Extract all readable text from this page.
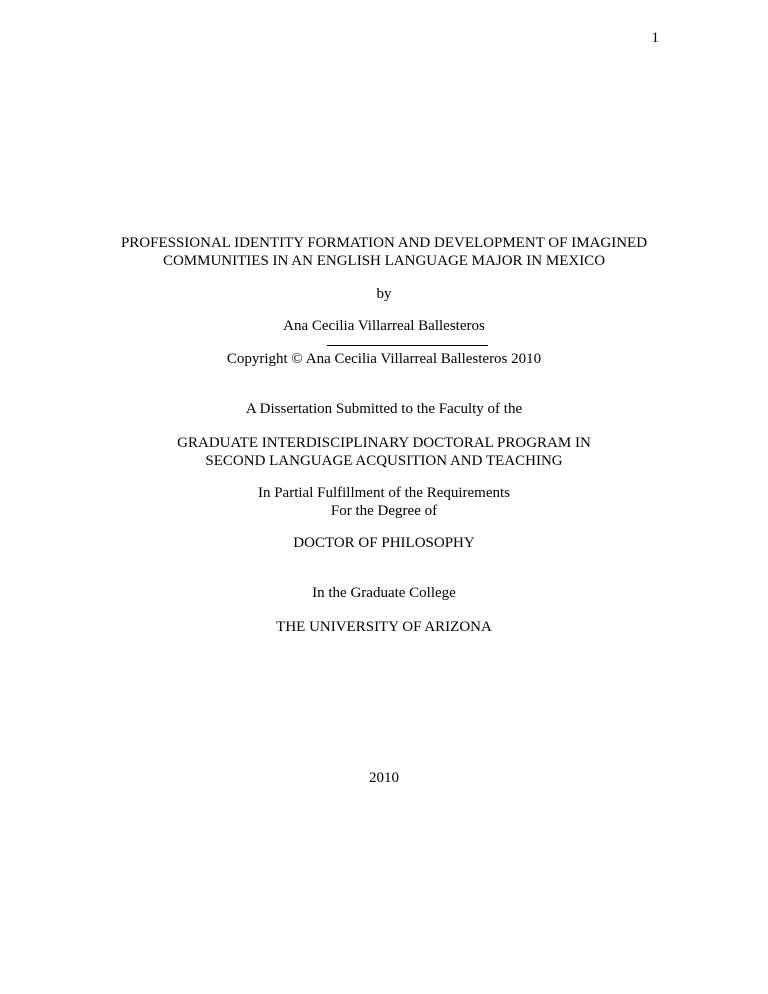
1
PROFESSIONAL IDENTITY FORMATION AND DEVELOPMENT OF IMAGINED
COMMUNITIES IN AN ENGLISH LANGUAGE MAJOR IN MEXICO
by
Ana Cecilia Villarreal Ballesteros
Copyright © Ana Cecilia Villarreal Ballesteros 2010
A Dissertation Submitted to the Faculty of the
GRADUATE INTERDISCIPLINARY DOCTORAL PROGRAM IN
SECOND LANGUAGE ACQUSITION AND TEACHING
In Partial Fulfillment of the Requirements
For the Degree of
DOCTOR OF PHILOSOPHY
In the Graduate College
THE UNIVERSITY OF ARIZONA
2010
